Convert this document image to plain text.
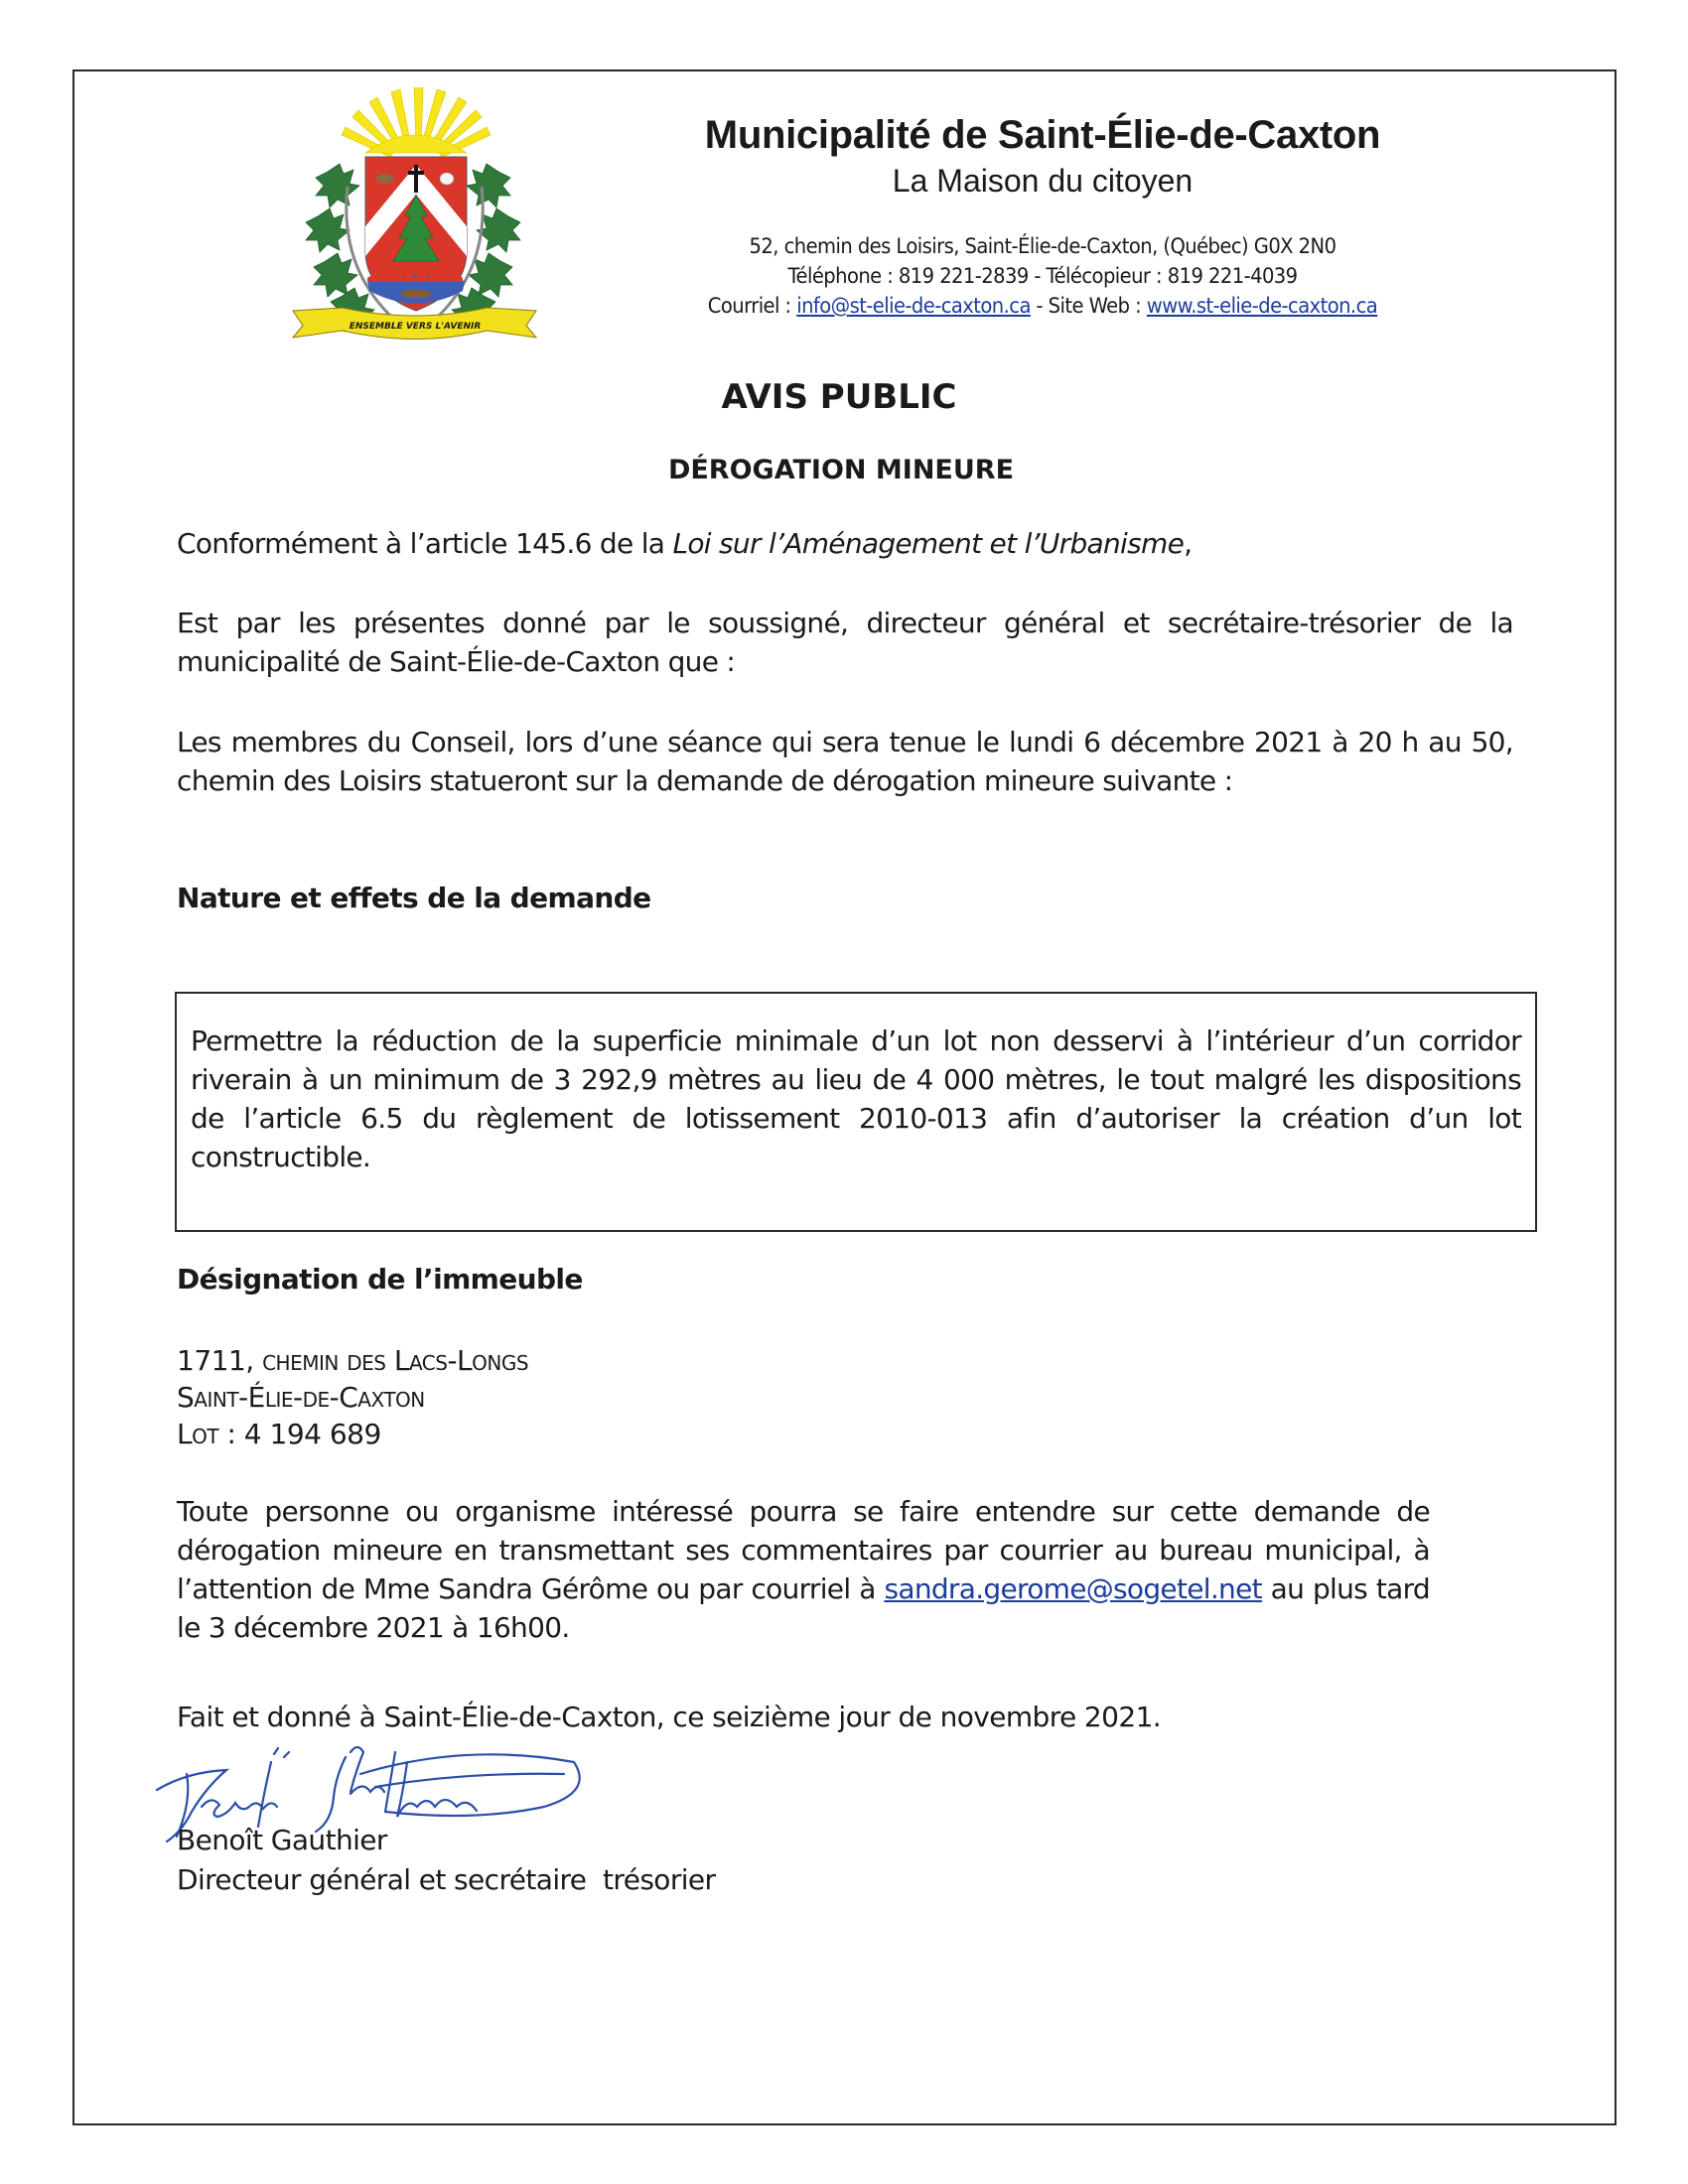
ENSEMBLE VERS L'AVENIR
Municipalité de Saint-Élie-de-Caxton
La Maison du citoyen
52, chemin des Loisirs, Saint-Élie-de-Caxton, (Québec) G0X 2N0
Téléphone : 819 221-2839 - Télécopieur : 819 221-4039
Courriel : info@st-elie-de-caxton.ca - Site Web : www.st-elie-de-caxton.ca
AVIS PUBLIC
DÉROGATION MINEURE
Conformément à l’article 145.6 de la Loi sur l’Aménagement et l’Urbanisme,
Est par les présentes donné par le soussigné, directeur général et secrétaire-trésorier de la municipalité de Saint-Élie-de-Caxton que :
Les membres du Conseil, lors d’une séance qui sera tenue le lundi 6 décembre 2021 à 20 h au 50, chemin des Loisirs statueront sur la demande de dérogation mineure suivante :
Nature et effets de la demande
Permettre la réduction de la superficie minimale d’un lot non desservi à l’intérieur d’un corridor riverain à un minimum de 3 292,9 mètres au lieu de 4 000 mètres, le tout malgré les dispositions de l’article 6.5 du règlement de lotissement 2010-013 afin d’autoriser la création d’un lot constructible.
Désignation de l’immeuble
1711, chemin des Lacs-Longs
Saint-Élie-de-Caxton
Lot : 4 194 689
Toute personne ou organisme intéressé pourra se faire entendre sur cette demande de dérogation mineure en transmettant ses commentaires par courrier au bureau municipal, à l’attention de Mme Sandra Gérôme ou par courriel à sandra.gerome@sogetel.net au plus tard le 3 décembre 2021 à 16h00.
Fait et donné à Saint-Élie-de-Caxton, ce seizième jour de novembre 2021.
Benoît Gauthier
Directeur général et secrétaire  trésorier
